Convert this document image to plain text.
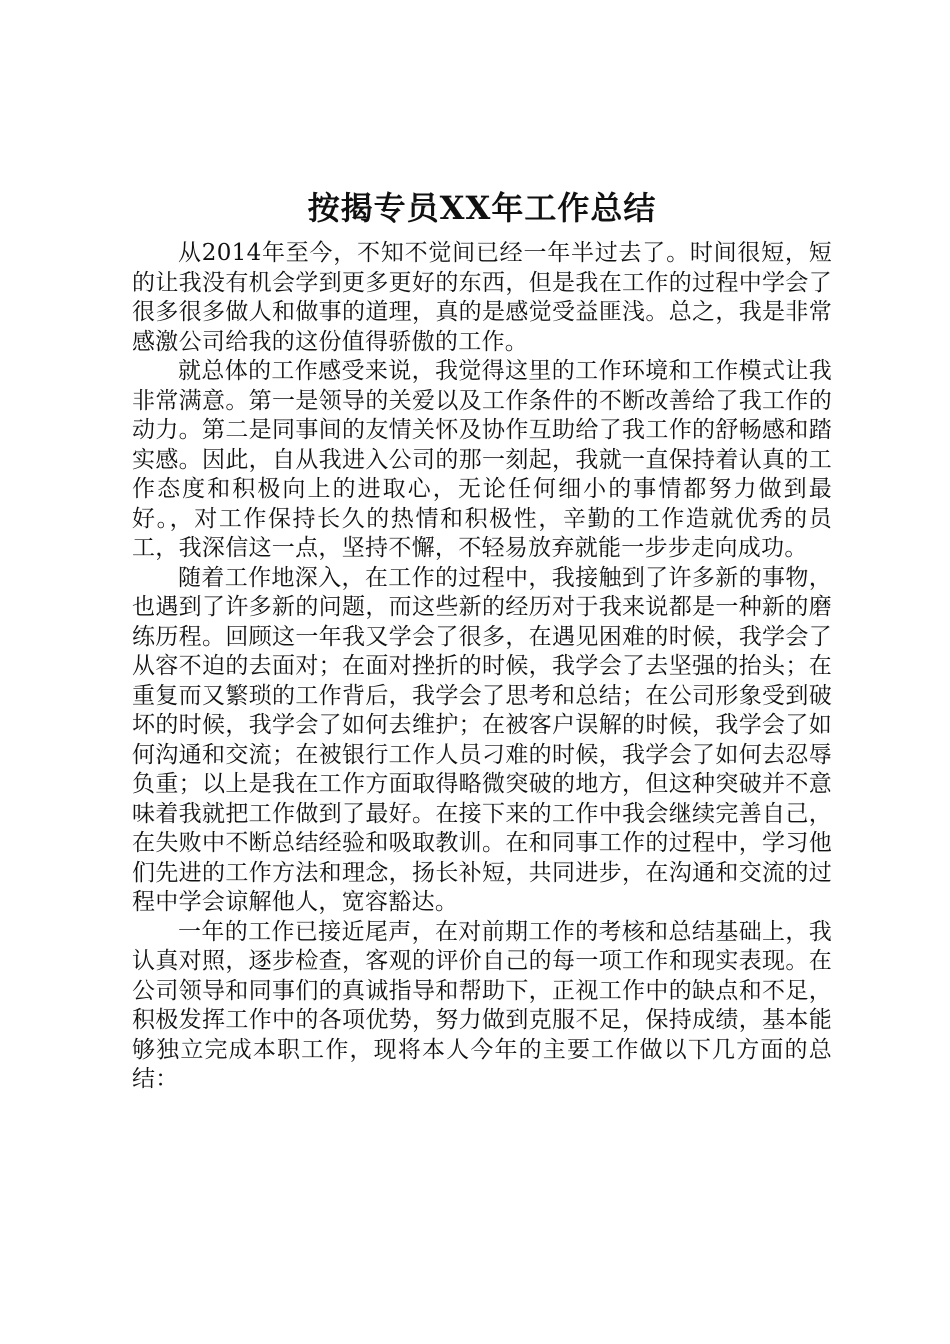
按揭专员XX年工作总结

从2014年至今，不知不觉间已经一年半过去了。时间很短，短的让我没有机会学到更多更好的东西，但是我在工作的过程中学会了很多很多做人和做事的道理，真的是感觉受益匪浅。总之，我是非常感激公司给我的这份值得骄傲的工作。

就总体的工作感受来说，我觉得这里的工作环境和工作模式让我非常满意。第一是领导的关爱以及工作条件的不断改善给了我工作的动力。第二是同事间的友情关怀及协作互助给了我工作的舒畅感和踏实感。因此，自从我进入公司的那一刻起，我就一直保持着认真的工作态度和积极向上的进取心，无论任何细小的事情都努力做到最好。，对工作保持长久的热情和积极性，辛勤的工作造就优秀的员工，我深信这一点，坚持不懈，不轻易放弃就能一步步走向成功。

随着工作地深入，在工作的过程中，我接触到了许多新的事物，也遇到了许多新的问题，而这些新的经历对于我来说都是一种新的磨练历程。回顾这一年我又学会了很多，在遇见困难的时候，我学会了从容不迫的去面对；在面对挫折的时候，我学会了去坚强的抬头；在重复而又繁琐的工作背后，我学会了思考和总结；在公司形象受到破坏的时候，我学会了如何去维护；在被客户误解的时候，我学会了如何沟通和交流；在被银行工作人员刁难的时候，我学会了如何去忍辱负重；以上是我在工作方面取得略微突破的地方，但这种突破并不意味着我就把工作做到了最好。在接下来的工作中我会继续完善自己，在失败中不断总结经验和吸取教训。在和同事工作的过程中，学习他们先进的工作方法和理念，扬长补短，共同进步，在沟通和交流的过程中学会谅解他人，宽容豁达。

一年的工作已接近尾声，在对前期工作的考核和总结基础上，我认真对照，逐步检查，客观的评价自己的每一项工作和现实表现。在公司领导和同事们的真诚指导和帮助下，正视工作中的缺点和不足，积极发挥工作中的各项优势，努力做到克服不足，保持成绩，基本能够独立完成本职工作，现将本人今年的主要工作做以下几方面的总结：
